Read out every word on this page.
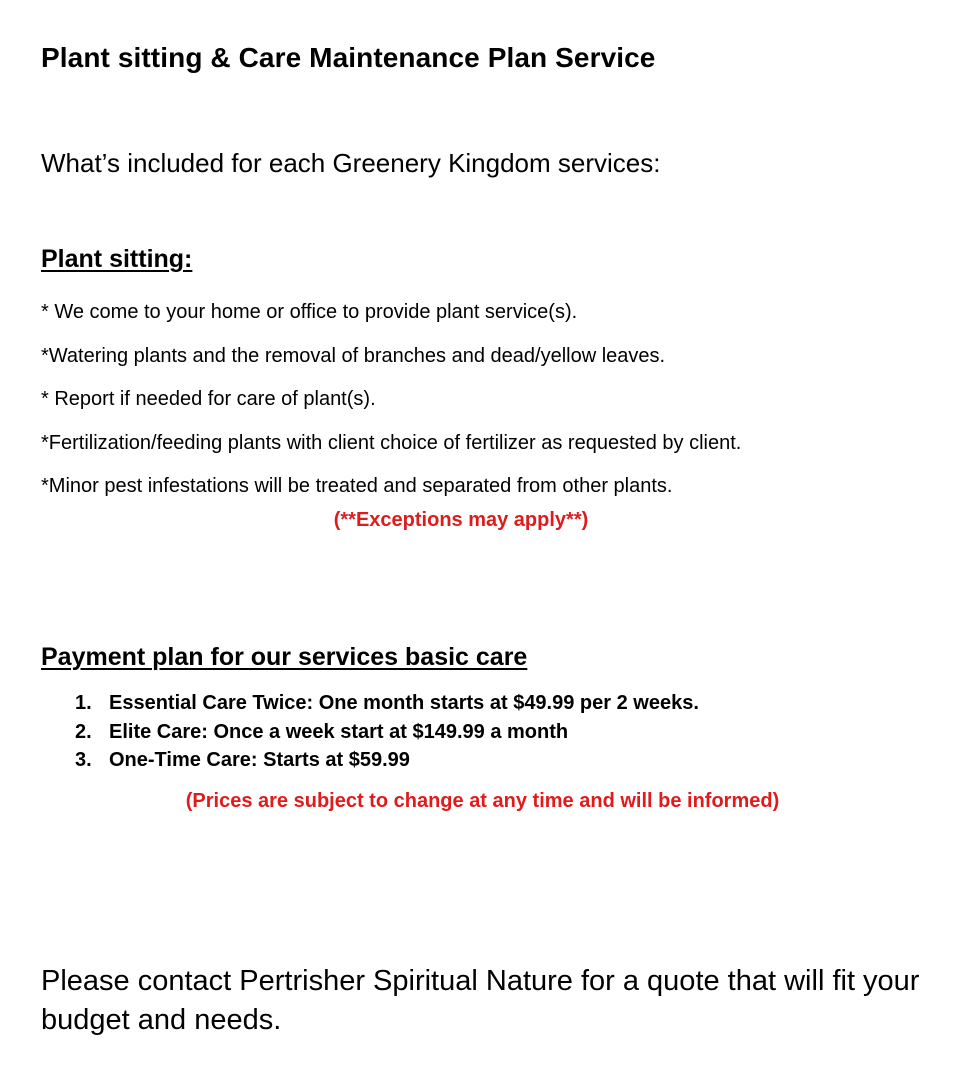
Plant sitting & Care Maintenance Plan Service

What’s included for each Greenery Kingdom services:

Plant sitting:
* We come to your home or office to provide plant service(s).
*Watering plants and the removal of branches and dead/yellow leaves.
* Report if needed for care of plant(s).
*Fertilization/feeding plants with client choice of fertilizer as requested by client.
*Minor pest infestations will be treated and separated from other plants.

(**Exceptions may apply**)

Payment plan for our services basic care
1. Essential Care Twice: One month starts at $49.99 per 2 weeks.
2. Elite Care: Once a week start at $149.99 a month
3. One-Time Care: Starts at $59.99

(Prices are subject to change at any time and will be informed)

Please contact Pertrisher Spiritual Nature for a quote that will fit your budget and needs.
